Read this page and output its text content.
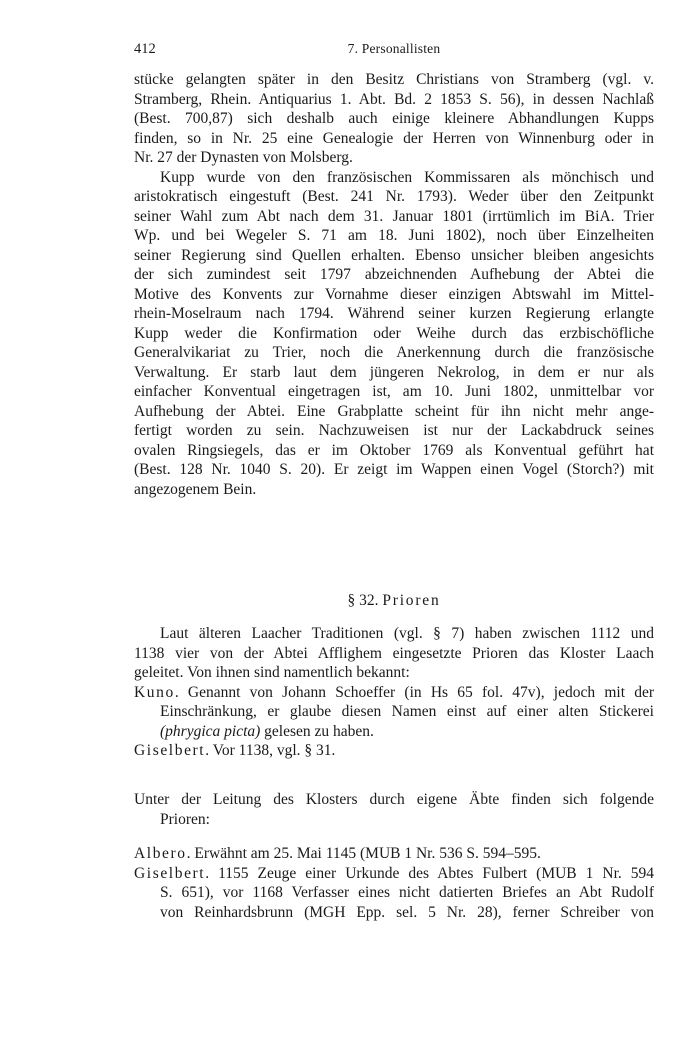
412	7. Personallisten
stücke gelangten später in den Besitz Christians von Stramberg (vgl. v.
Stramberg, Rhein. Antiquarius 1. Abt. Bd. 2 1853 S. 56), in dessen Nachlaß
(Best. 700,87) sich deshalb auch einige kleinere Abhandlungen Kupps
finden, so in Nr. 25 eine Genealogie der Herren von Winnenburg oder in
Nr. 27 der Dynasten von Molsberg.
Kupp wurde von den französischen Kommissaren als mönchisch und
aristokratisch eingestuft (Best. 241 Nr. 1793). Weder über den Zeitpunkt
seiner Wahl zum Abt nach dem 31. Januar 1801 (irrtümlich im BiA. Trier
Wp. und bei Wegeler S. 71 am 18. Juni 1802), noch über Einzelheiten
seiner Regierung sind Quellen erhalten. Ebenso unsicher bleiben angesichts
der sich zumindest seit 1797 abzeichnenden Aufhebung der Abtei die
Motive des Konvents zur Vornahme dieser einzigen Abtswahl im Mittel-
rhein-Moselraum nach 1794. Während seiner kurzen Regierung erlangte
Kupp weder die Konfirmation oder Weihe durch das erzbischöfliche
Generalvikariat zu Trier, noch die Anerkennung durch die französische
Verwaltung. Er starb laut dem jüngeren Nekrolog, in dem er nur als
einfacher Konventual eingetragen ist, am 10. Juni 1802, unmittelbar vor
Aufhebung der Abtei. Eine Grabplatte scheint für ihn nicht mehr ange-
fertigt worden zu sein. Nachzuweisen ist nur der Lackabdruck seines
ovalen Ringsiegels, das er im Oktober 1769 als Konventual geführt hat
(Best. 128 Nr. 1040 S. 20). Er zeigt im Wappen einen Vogel (Storch?) mit
angezogenem Bein.
§ 32. Prioren
Laut älteren Laacher Traditionen (vgl. § 7) haben zwischen 1112 und
1138 vier von der Abtei Afflighem eingesetzte Prioren das Kloster Laach
geleitet. Von ihnen sind namentlich bekannt:
Kuno. Genannt von Johann Schoeffer (in Hs 65 fol. 47v), jedoch mit der
Einschränkung, er glaube diesen Namen einst auf einer alten Stickerei
(phrygica picta) gelesen zu haben.
Giselbert. Vor 1138, vgl. § 31.
Unter der Leitung des Klosters durch eigene Äbte finden sich folgende
Prioren:
Albero. Erwähnt am 25. Mai 1145 (MUB 1 Nr. 536 S. 594–595.
Giselbert. 1155 Zeuge einer Urkunde des Abtes Fulbert (MUB 1 Nr. 594
S. 651), vor 1168 Verfasser eines nicht datierten Briefes an Abt Rudolf
von Reinhardsbrunn (MGH Epp. sel. 5 Nr. 28), ferner Schreiber von
